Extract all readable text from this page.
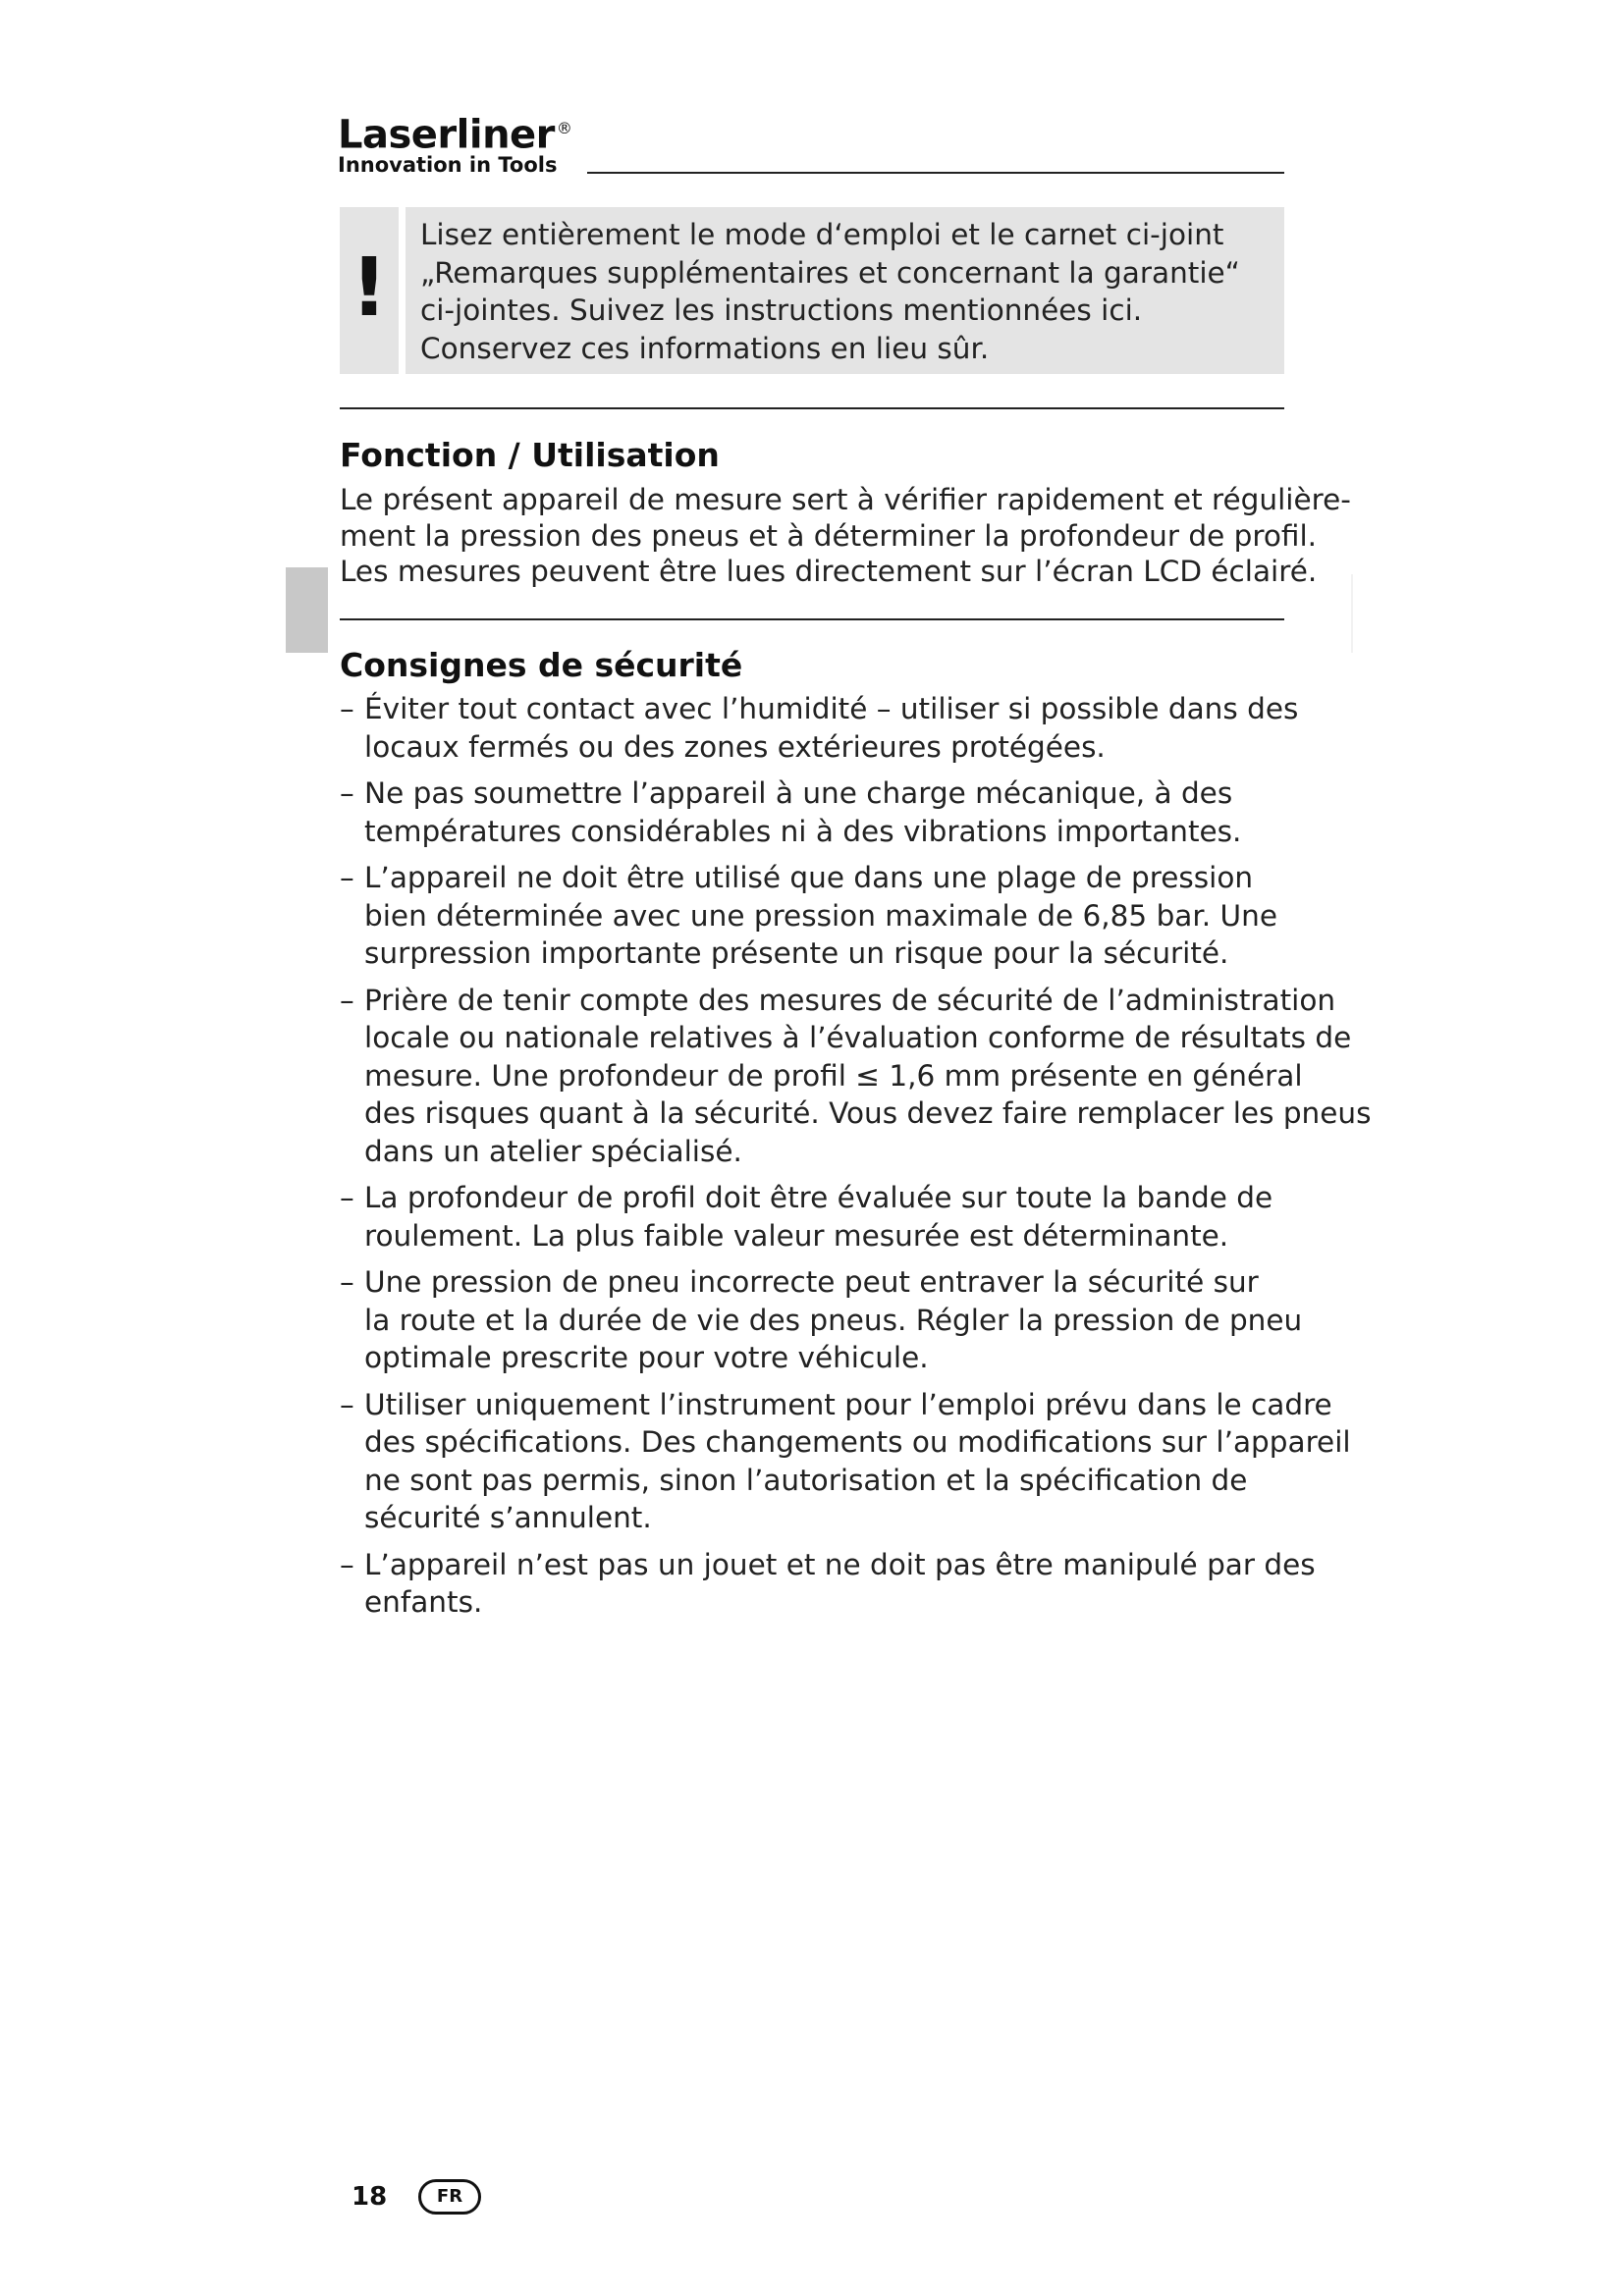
Laserliner ®
Innovation in Tools
!
Lisez entièrement le mode d‘emploi et le carnet ci-joint
„Remarques supplémentaires et concernant la garantie“
ci-jointes. Suivez les instructions mentionnées ici.
Conservez ces informations en lieu sûr.
Fonction / Utilisation
Le présent appareil de mesure sert à vérifier rapidement et régulière-
ment la pression des pneus et à déterminer la profondeur de profil.
Les mesures peuvent être lues directement sur l’écran LCD éclairé.
Consignes de sécurité
– Éviter tout contact avec l’humidité – utiliser si possible dans des
locaux fermés ou des zones extérieures protégées.
– Ne pas soumettre l’appareil à une charge mécanique, à des
températures considérables ni à des vibrations importantes.
– L’appareil ne doit être utilisé que dans une plage de pression
bien déterminée avec une pression maximale de 6,85 bar. Une
surpression importante présente un risque pour la sécurité.
– Prière de tenir compte des mesures de sécurité de l’administration
locale ou nationale relatives à l’évaluation conforme de résultats de
mesure. Une profondeur de profil ≤ 1,6 mm présente en général
des risques quant à la sécurité. Vous devez faire remplacer les pneus
dans un atelier spécialisé.
– La profondeur de profil doit être évaluée sur toute la bande de
roulement. La plus faible valeur mesurée est déterminante.
– Une pression de pneu incorrecte peut entraver la sécurité sur
la route et la durée de vie des pneus. Régler la pression de pneu
optimale prescrite pour votre véhicule.
– Utiliser uniquement l’instrument pour l’emploi prévu dans le cadre
des spécifications. Des changements ou modifications sur l’appareil
ne sont pas permis, sinon l’autorisation et la spécification de
sécurité s’annulent.
– L’appareil n’est pas un jouet et ne doit pas être manipulé par des
enfants.
18	FR
